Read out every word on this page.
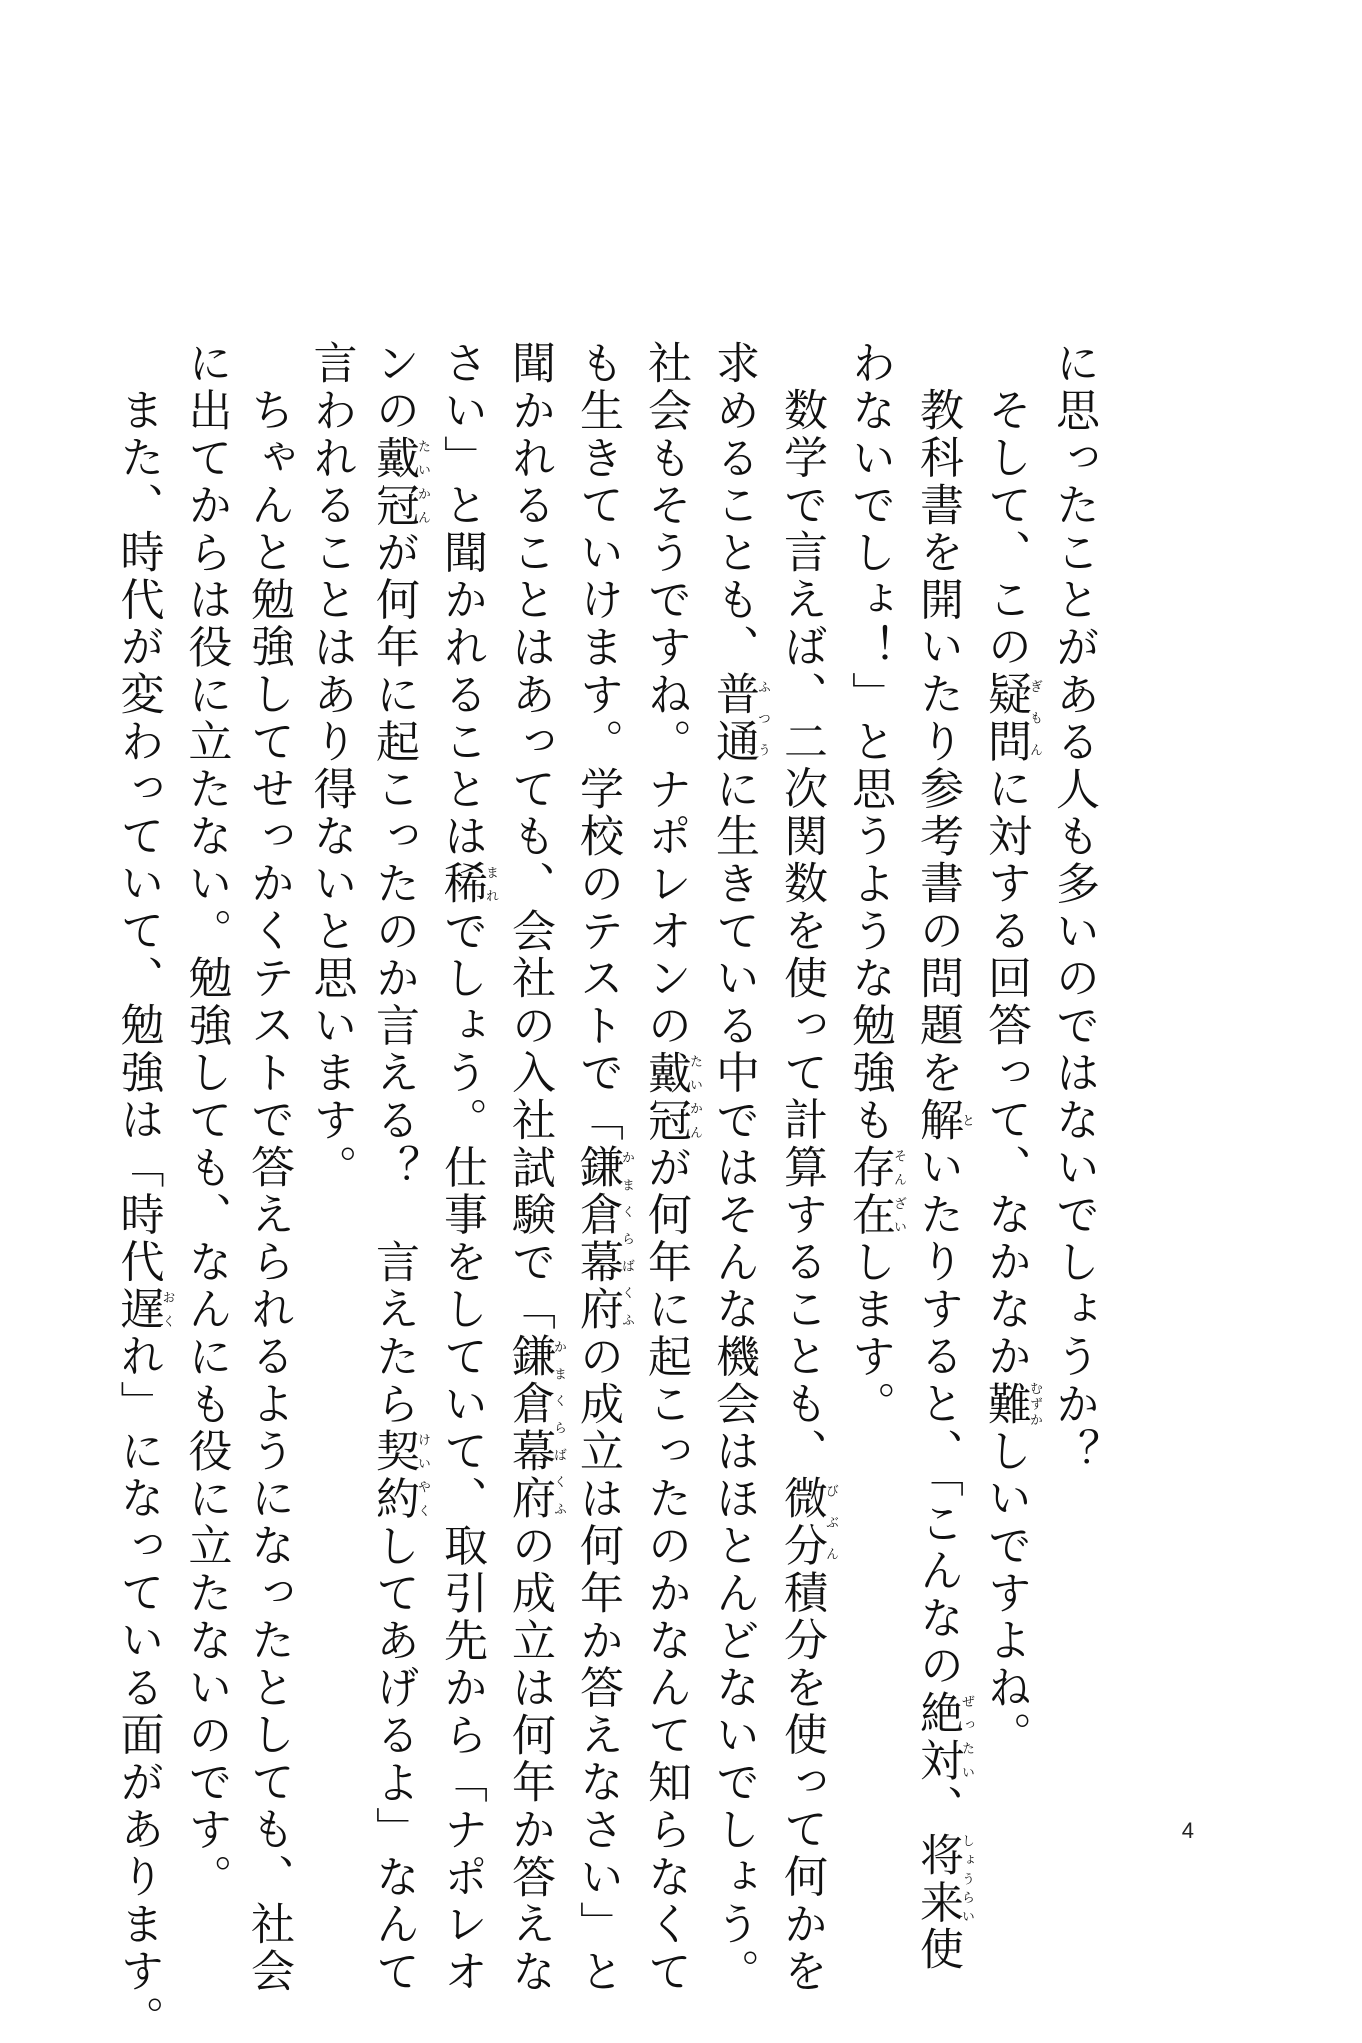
に思ったことがある人も多いのではないでしょうか？
そして、この疑問ぎもんに対する回答って、なかなか難むずかしいですよね。
教科書を開いたり参考書の問題を解といたりすると、「こんなの絶対ぜったい、将来しょうらい使
わないでしょ！」と思うような勉強も存在そんざいします。
数学で言えば、二次関数を使って計算することも、微分びぶん積分を使って何かを
求めることも、普通ふつうに生きている中ではそんな機会はほとんどないでしょう。
社会もそうですね。ナポレオンの戴冠たいかんが何年に起こったのかなんて知らなくて
も生きていけます。学校のテストで「鎌倉幕府かまくらばくふの成立は何年か答えなさい」と
聞かれることはあっても、会社の入社試験で「鎌倉幕府かまくらばくふの成立は何年か答えな
さい」と聞かれることは稀まれでしょう。仕事をしていて、取引先から「ナポレオ
ンの戴冠たいかんが何年に起こったのか言える？　言えたら契約けいやくしてあげるよ」なんて
言われることはあり得ないと思います。
ちゃんと勉強してせっかくテストで答えられるようになったとしても、社会
に出てからは役に立たない。勉強しても、なんにも役に立たないのです。
また、時代が変わっていて、勉強は「時代遅おくれ」になっている面があります。	4
